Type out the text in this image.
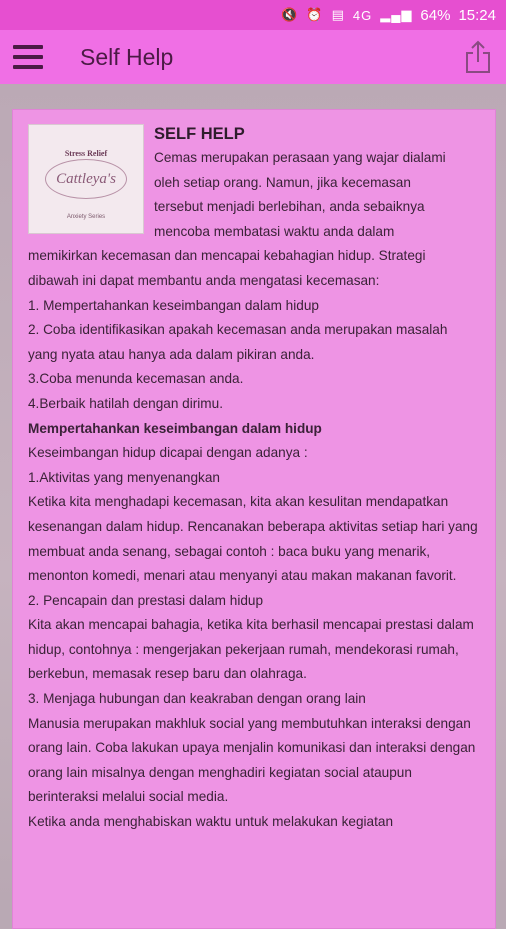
🔇 ⏰ ▤ 4G ▂▄▆ 64% 15:24
Self Help
Stress Relief
Cattleya's
Anxiety Series
SELF HELP

Cemas merupakan perasaan yang wajar dialami

oleh setiap orang. Namun, jika kecemasan

tersebut menjadi berlebihan, anda sebaiknya

mencoba membatasi waktu anda dalam

memikirkan kecemasan dan mencapai kebahagian hidup. Strategi dibawah ini dapat membantu anda mengatasi kecemasan:

1. Mempertahankan keseimbangan dalam hidup

2. Coba identifikasikan apakah kecemasan anda merupakan masalah yang nyata atau hanya ada dalam pikiran anda.

3.Coba menunda kecemasan anda.

4.Berbaik hatilah dengan dirimu.

Mempertahankan keseimbangan dalam hidup

Keseimbangan hidup dicapai dengan adanya :

1.Aktivitas yang menyenangkan

Ketika kita menghadapi kecemasan, kita akan kesulitan mendapatkan kesenangan dalam hidup. Rencanakan beberapa aktivitas setiap hari yang membuat anda senang, sebagai contoh : baca buku yang menarik, menonton komedi, menari atau menyanyi atau makan makanan favorit.

2. Pencapain dan prestasi dalam hidup

Kita akan mencapai bahagia, ketika kita berhasil mencapai prestasi dalam hidup, contohnya : mengerjakan pekerjaan rumah, mendekorasi rumah, berkebun, memasak resep baru dan olahraga.

3. Menjaga hubungan dan keakraban dengan orang lain

Manusia merupakan makhluk social yang membutuhkan interaksi dengan orang lain. Coba lakukan upaya menjalin komunikasi dan interaksi dengan orang lain misalnya dengan menghadiri kegiatan social ataupun berinteraksi melalui social media.

Ketika anda menghabiskan waktu untuk melakukan kegiatan
